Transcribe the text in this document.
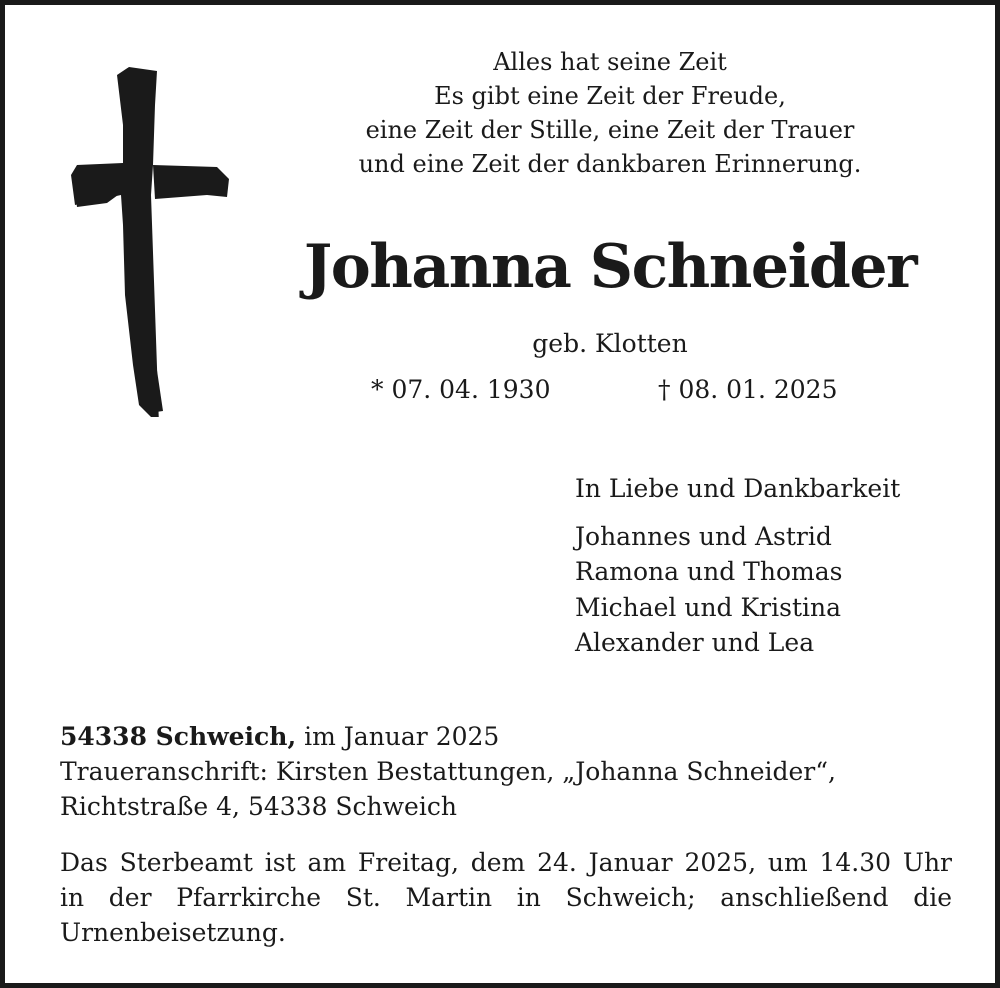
Alles hat seine Zeit
Es gibt eine Zeit der Freude,
eine Zeit der Stille, eine Zeit der Trauer
und eine Zeit der dankbaren Erinnerung.
Johanna Schneider
geb. Klotten
* 07. 04. 1930	† 08. 01. 2025
In Liebe und Dankbarkeit
Johannes und Astrid
Ramona und Thomas
Michael und Kristina
Alexander und Lea
54338 Schweich, im Januar 2025
Traueranschrift: Kirsten Bestattungen, „Johanna Schneider“,
Richtstraße 4, 54338 Schweich
Das Sterbeamt ist am Freitag, dem 24. Januar 2025, um 14.30 Uhr
in der Pfarrkirche St. Martin in Schweich; anschließend die
Urnenbeisetzung.
